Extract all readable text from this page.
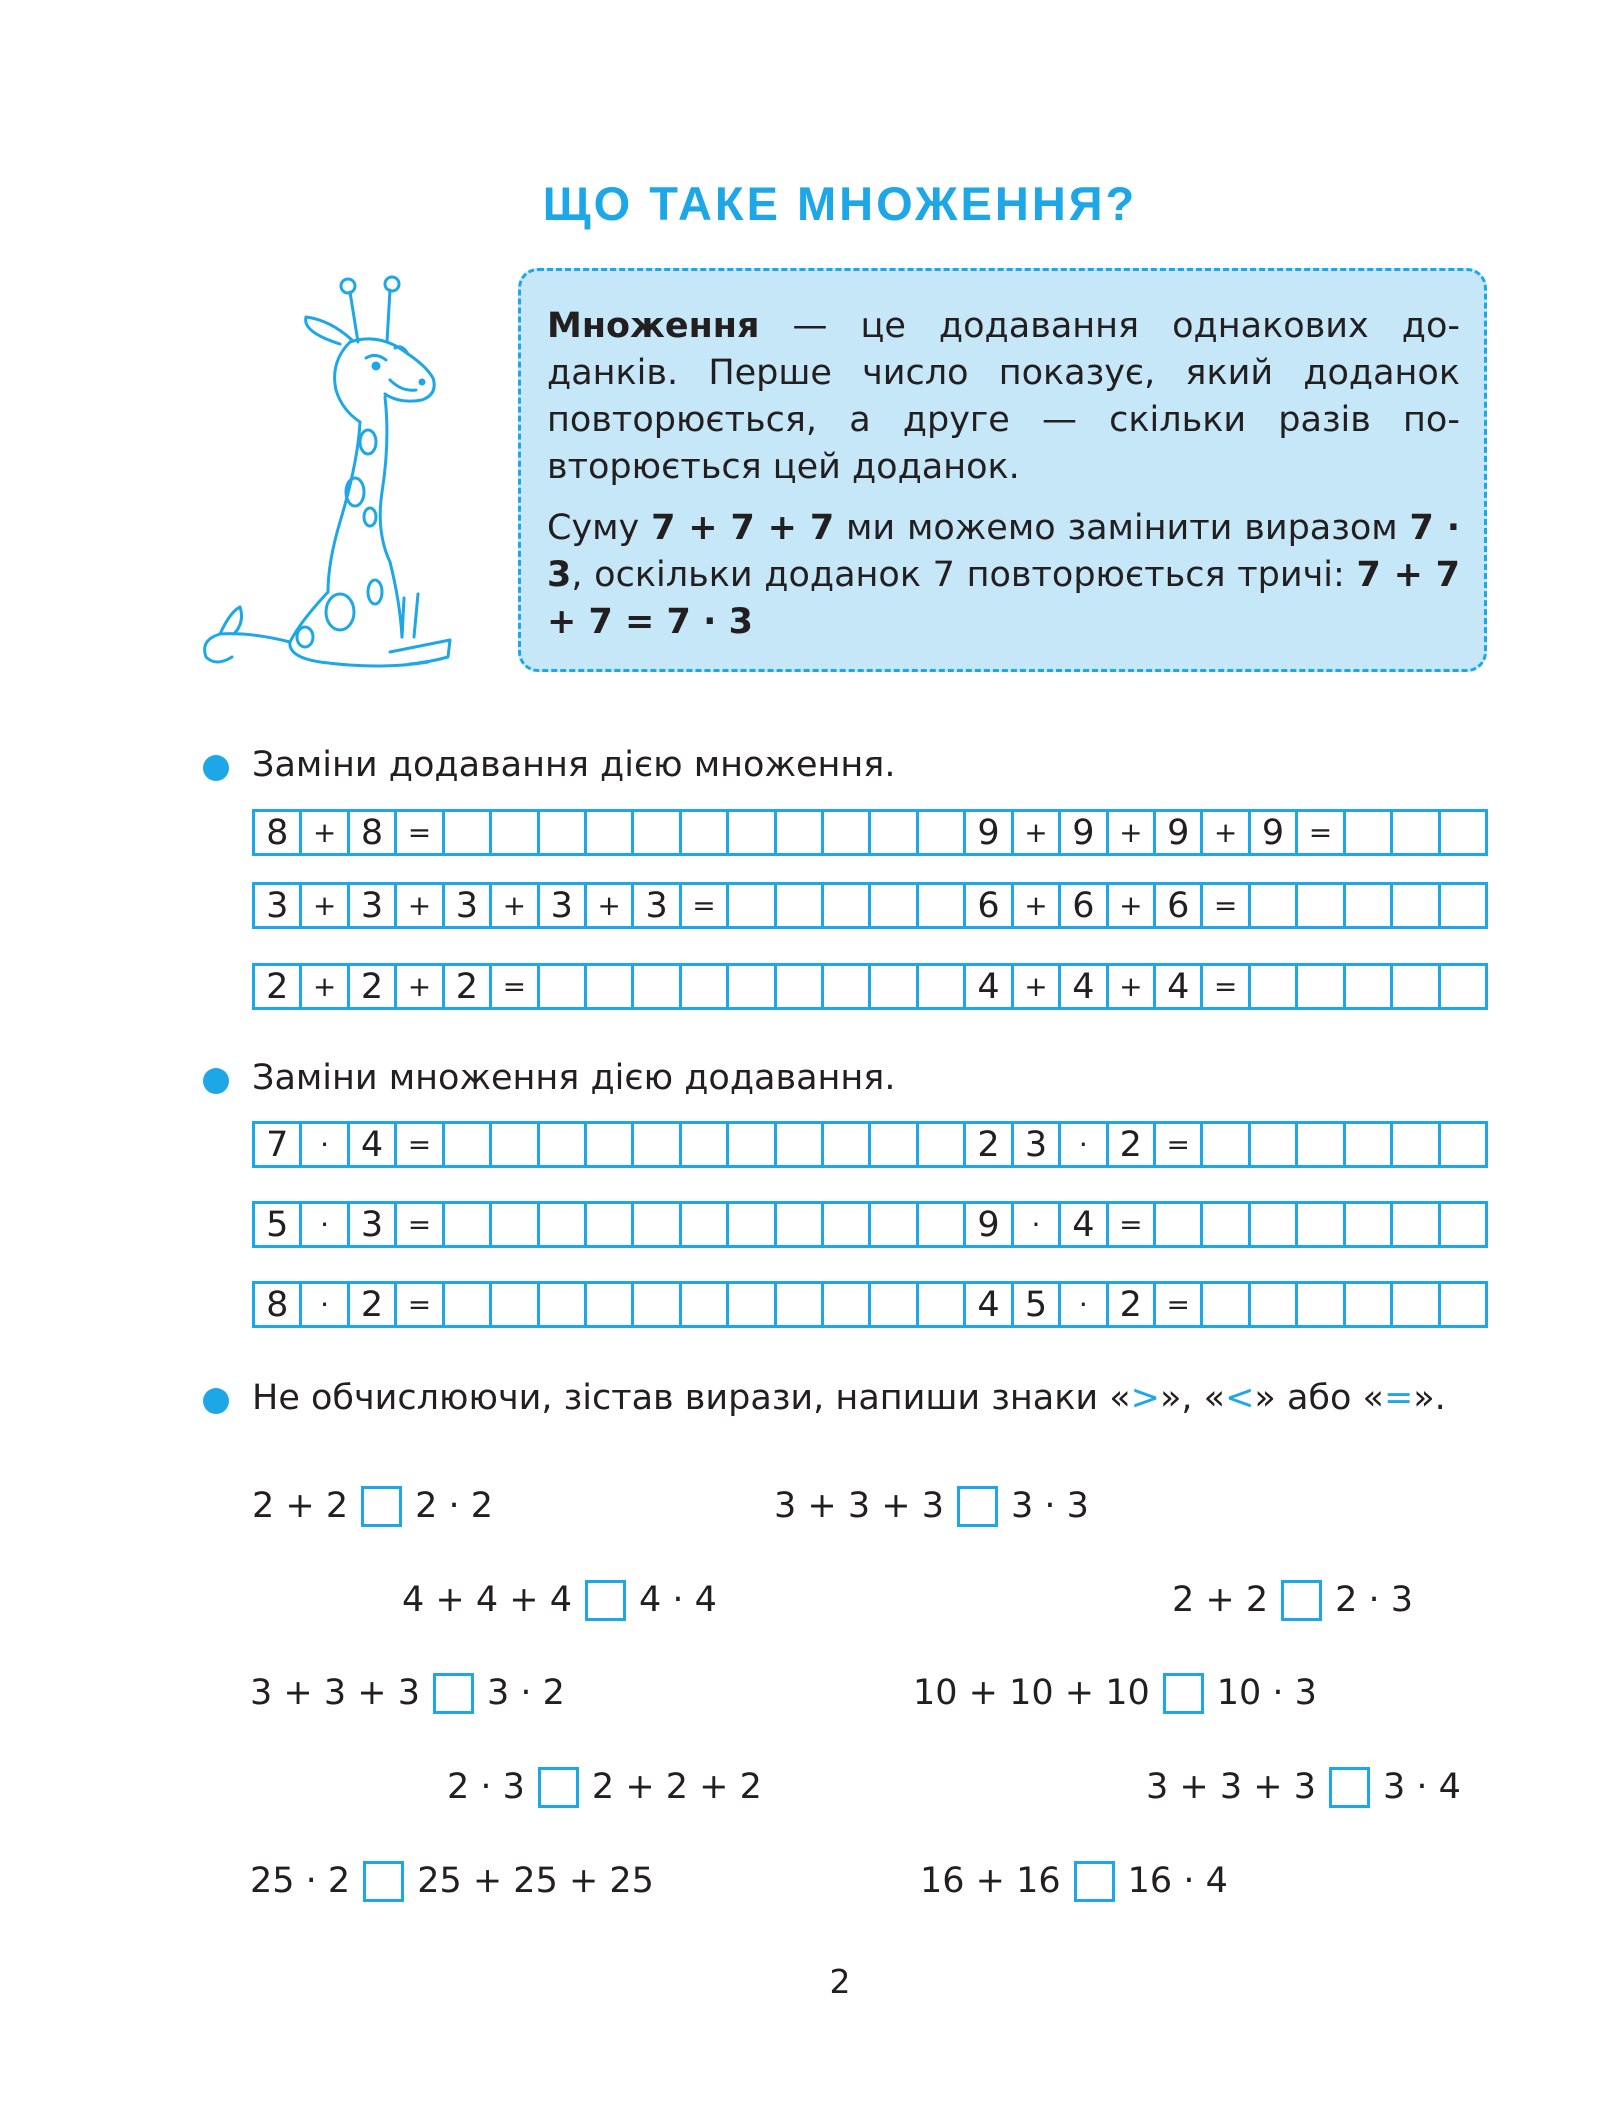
ЩО ТАКЕ МНОЖЕННЯ?

Множення — це додавання однакових доданків. Перше число показує, який доданок повторюється, а друге — скільки разів повторюється цей доданок.

Суму 7 + 7 + 7 ми можемо замінити виразом 7 · 3, оскільки доданок 7 повторюється тричі: 7 + 7 + 7 = 7 · 3

Заміни додавання дією множення.
8 + 8 =	9 + 9 + 9 + 9 =
3 + 3 + 3 + 3 + 3 =	6 + 6 + 6 =
2 + 2 + 2 =	4 + 4 + 4 =
Заміни множення дією додавання.
7	· 4 =	2 3	· 2 =
5	· 3 =	9	· 4 =
8	· 2 =	4 5	· 2 =
Не обчислюючи, зістав вирази, напиши знаки «>», «<» або «=».
2 + 2 2 · 2	3 + 3 + 3 3 · 3
4 + 4 + 4 4 · 4	2 + 2 2 · 3
3 + 3 + 3 3 · 2	10 + 10 + 10 10 · 3
2 · 3 2 + 2 + 2	3 + 3 + 3 3 · 4
25 · 2 25 + 25 + 25	16 + 16 16 · 4
2
